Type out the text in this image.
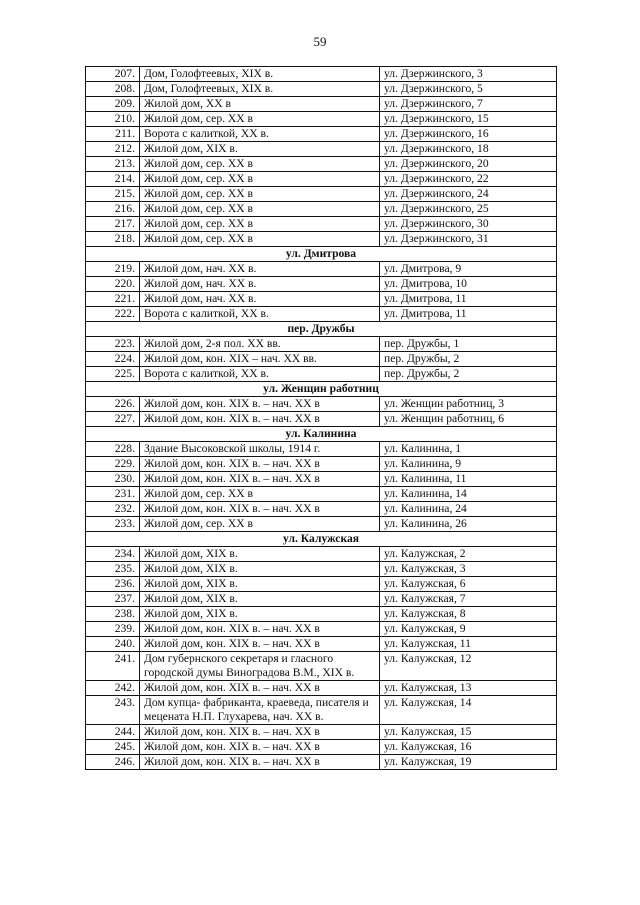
59
207.	Дом, Голофтеевых, XIX в.	ул. Дзержинского, 3
208.	Дом, Голофтеевых, XIX в.	ул. Дзержинского, 5
209.	Жилой дом, XX в	ул. Дзержинского, 7
210.	Жилой дом, сер. XX в	ул. Дзержинского, 15
211.	Ворота с калиткой, XX в.	ул. Дзержинского, 16
212.	Жилой дом, XIX в.	ул. Дзержинского, 18
213.	Жилой дом, сер. XX в	ул. Дзержинского, 20
214.	Жилой дом, сер. XX в	ул. Дзержинского, 22
215.	Жилой дом, сер. XX в	ул. Дзержинского, 24
216.	Жилой дом, сер. XX в	ул. Дзержинского, 25
217.	Жилой дом, сер. XX в	ул. Дзержинского, 30
218.	Жилой дом, сер. XX в	ул. Дзержинского, 31
ул. Дмитрова		
219.	Жилой дом, нач. XX в.	ул. Дмитрова, 9
220.	Жилой дом, нач. XX в.	ул. Дмитрова, 10
221.	Жилой дом, нач. XX в.	ул. Дмитрова, 11
222.	Ворота с калиткой, XX в.	ул. Дмитрова, 11
пер. Дружбы		
223.	Жилой дом, 2-я пол. XX вв.	пер. Дружбы, 1
224.	Жилой дом, кон. XIX – нач. XX вв.	пер. Дружбы, 2
225.	Ворота с калиткой, XX в.	пер. Дружбы, 2
ул. Женщин работниц		
226.	Жилой дом, кон. XIX в. – нач. XX в	ул. Женщин работниц, 3
227.	Жилой дом, кон. XIX в. – нач. XX в	ул. Женщин работниц, 6
ул. Калинина		
228.	Здание Высоковской школы, 1914 г.	ул. Калинина, 1
229.	Жилой дом, кон. XIX в. – нач. XX в	ул. Калинина, 9
230.	Жилой дом, кон. XIX в. – нач. XX в	ул. Калинина, 11
231.	Жилой дом, сер. XX в	ул. Калинина, 14
232.	Жилой дом, кон. XIX в. – нач. XX в	ул. Калинина, 24
233.	Жилой дом, сер. XX в	ул. Калинина, 26
ул. Калужская		
234.	Жилой дом, XIX в.	ул. Калужская, 2
235.	Жилой дом, XIX в.	ул. Калужская, 3
236.	Жилой дом, XIX в.	ул. Калужская, 6
237.	Жилой дом, XIX в.	ул. Калужская, 7
238.	Жилой дом, XIX в.	ул. Калужская, 8
239.	Жилой дом, кон. XIX в. – нач. XX в	ул. Калужская, 9
240.	Жилой дом, кон. XIX в. – нач. XX в	ул. Калужская, 11
241.	Дом губернского секретаря и гласного городской думы Виноградова В.М., XIX в.	ул. Калужская, 12
242.	Жилой дом, кон. XIX в. – нач. XX в	ул. Калужская, 13
243.	Дом купца- фабриканта, краеведа, писателя и мецената Н.П. Глухарева, нач. XX в.	ул. Калужская, 14
244.	Жилой дом, кон. XIX в. – нач. XX в	ул. Калужская, 15
245.	Жилой дом, кон. XIX в. – нач. XX в	ул. Калужская, 16
246.	Жилой дом, кон. XIX в. – нач. XX в	ул. Калужская, 19
